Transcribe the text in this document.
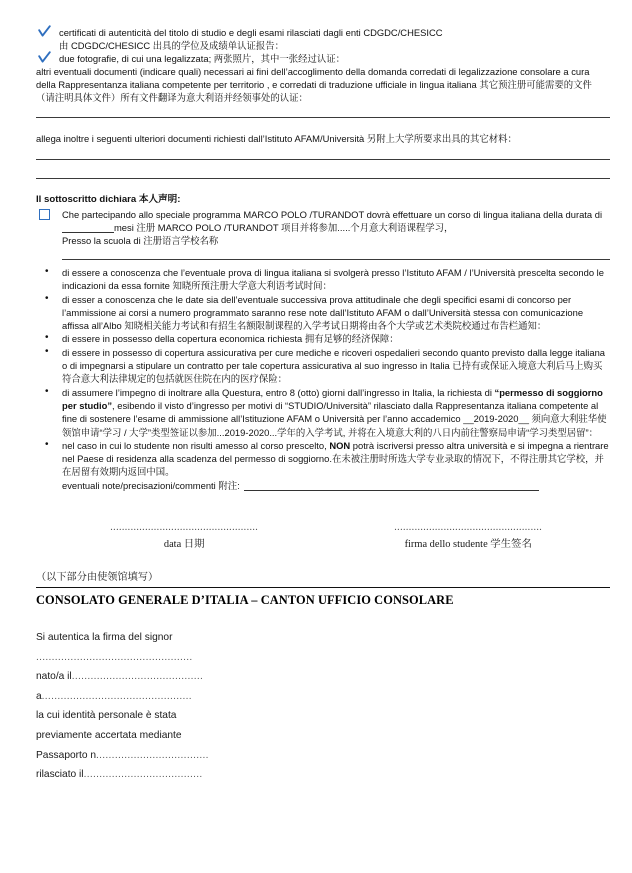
certificati di autenticità del titolo di studio e degli esami rilasciati dagli enti CDGDC/CHESICC
由 CDGDC/CHESICC 出具的学位及成绩单认证报告：
due fotografie, di cui una legalizzata; 两张照片，其中一张经过认证：
altri eventuali documenti (indicare quali) necessari ai fini dell’accoglimento della domanda corredati di legalizzazione consolare a cura della Rappresentanza italiana competente per territorio , e corredati di traduzione ufficiale in lingua italiana 其它预注册可能需要的文件（请注明具体文件）所有文件翻译为意大利语并经领事处的认证：
allega inoltre i seguenti ulteriori documenti richiesti dall’Istituto AFAM/Università 另附上大学所要求出具的其它材料：
Il sottoscritto dichiara 本人声明:
Che partecipando allo speciale programma MARCO POLO /TURANDOT dovrà effettuare un corso di lingua italiana della durata di mesi 注册 MARCO POLO /TURANDOT 项目并将参加.....个月意大利语课程学习，
Presso la scuola di 注册语言学校名称
• di essere a conoscenza che l’eventuale prova di lingua italiana si svolgerà presso l’Istituto AFAM / l’Università prescelta secondo le indicazioni da essa fornite 知晓所预注册大学意大利语考试时间：
• di esser a conoscenza che le date sia dell’eventuale successiva prova attitudinale che degli specifici esami di concorso per l’ammissione ai corsi a numero programmato saranno rese note dall’Istituto AFAM o dall’Università stessa con comunicazione affissa all’Albo 知晓相关能力考试和有招生名额限制课程的入学考试日期将由各个大学或艺术类院校通过布告栏通知：
• di essere in possesso della copertura economica richiesta 拥有足够的经济保障：
• di essere in possesso di copertura assicurativa per cure mediche e ricoveri ospedalieri secondo quanto previsto dalla legge italiana o di impegnarsi a stipulare un contratto per tale copertura assicurativa al suo ingresso in Italia 已持有或保证入境意大利后马上购买符合意大利法律规定的包括就医住院在内的医疗保险：
• di assumere l’impegno di inoltrare alla Questura, entro 8 (otto) giorni dall’ingresso in Italia, la richiesta di “permesso di soggiorno per studio”, esibendo il visto d’ingresso per motivi di “STUDIO/Università” rilasciato dalla Rappresentanza italiana competente al fine di sostenere l’esame di ammissione all’Istituzione AFAM o Università per l’anno accademico __2019-2020__ 须向意大利驻华使领馆申请“学习 / 大学”类型签证以参加...2019-2020...学年的入学考试, 并将在入境意大利的八日内前往警察局申请“学习类型居留”：
• nel caso in cui lo studente non risulti amesso al corso prescelto, NON potrà iscriversi presso altra università e si impegna a rientrare nel Paese di residenza alla scadenza del permesso di soggiorno.在未被注册时所选大学专业录取的情况下，不得注册其它学校，并在居留有效期内返回中国。
eventuali note/precisazioni/commenti 附注:
...................................................
data 日期
...................................................
firma dello studente 学生签名
（以下部分由使领馆填写）
CONSOLATO GENERALE D’ITALIA – CANTON UFFICIO CONSOLARE
Si autentica la firma del signor
..................................................
nato/a il..........................................
a................................................
la cui identità personale è stata
previamente accertata mediante
Passaporto n....................................
rilasciato il......................................
